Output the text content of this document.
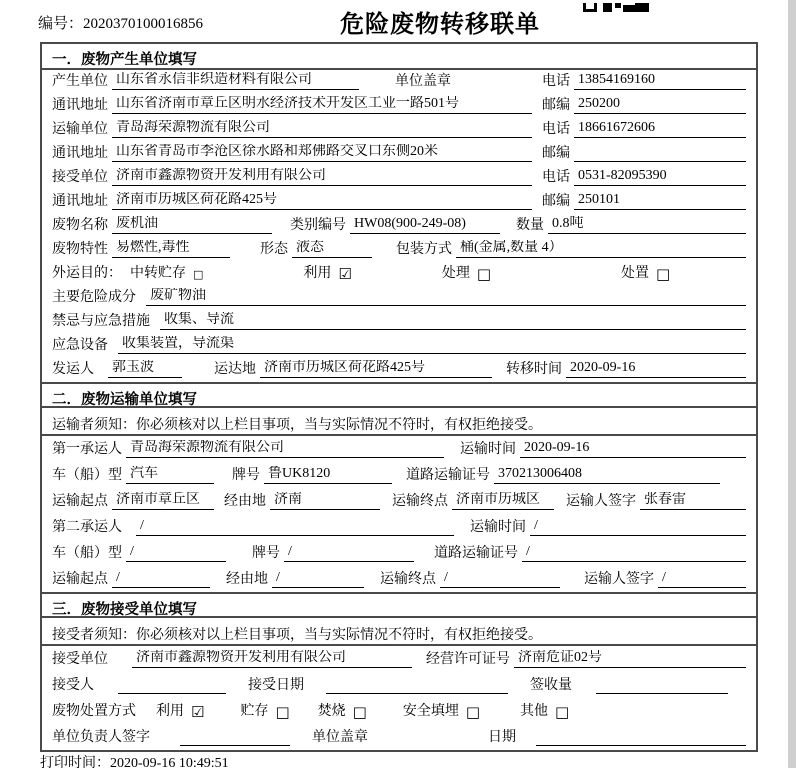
编号：2020370100016856	危险废物转移联单
一．废物产生单位填写
产生单位 山东省永信非织造材料有限公司	单位盖章	电话 13854169160
通讯地址 山东省济南市章丘区明水经济技术开发区工业一路501号	邮编 250200
运输单位 青岛海荣源物流有限公司	电话 18661672606
通讯地址 山东省青岛市李沧区徐水路和郑佛路交叉口东侧20米	邮编
接受单位 济南市鑫源物资开发利用有限公司	电话 0531-82095390
通讯地址 济南市历城区荷花路425号	邮编 250101
废物名称 废机油	类别编号 HW08(900-249-08)	数量 0.8吨
废物特性 易燃性,毒性	形态 液态	包装方式 桶(金属,数量 4）
外运目的： 中转贮存 □	利用 ☑	处理 □	处置 □
主要危险成分 废矿物油
禁忌与应急措施 收集、导流
应急设备 收集装置，导流渠
发运人 郭玉波	运达地 济南市历城区荷花路425号	转移时间 2020-09-16
二．废物运输单位填写
运输者须知：你必须核对以上栏目事项，当与实际情况不符时，有权拒绝接受。
第一承运人 青岛海荣源物流有限公司	运输时间 2020-09-16
车（船）型 汽车	牌号 鲁UK8120	道路运输证号 370213006408
运输起点 济南市章丘区	经由地 济南	运输终点 济南市历城区	运输人签字 张春雷
第二承运人 /	运输时间 /
车（船）型 /	牌号 /	道路运输证号 /
运输起点 /	经由地 /	运输终点 /	运输人签字 /
三．废物接受单位填写
接受者须知：你必须核对以上栏目事项，当与实际情况不符时，有权拒绝接受。
接受单位 济南市鑫源物资开发利用有限公司	经营许可证号 济南危证02号
接受人	接受日期	签收量
废物处置方式 利用 ☑	贮存 □ 焚烧 □	安全填埋 □	其他 □
单位负责人签字	单位盖章	日期
打印时间：2020-09-16 10:49:51
